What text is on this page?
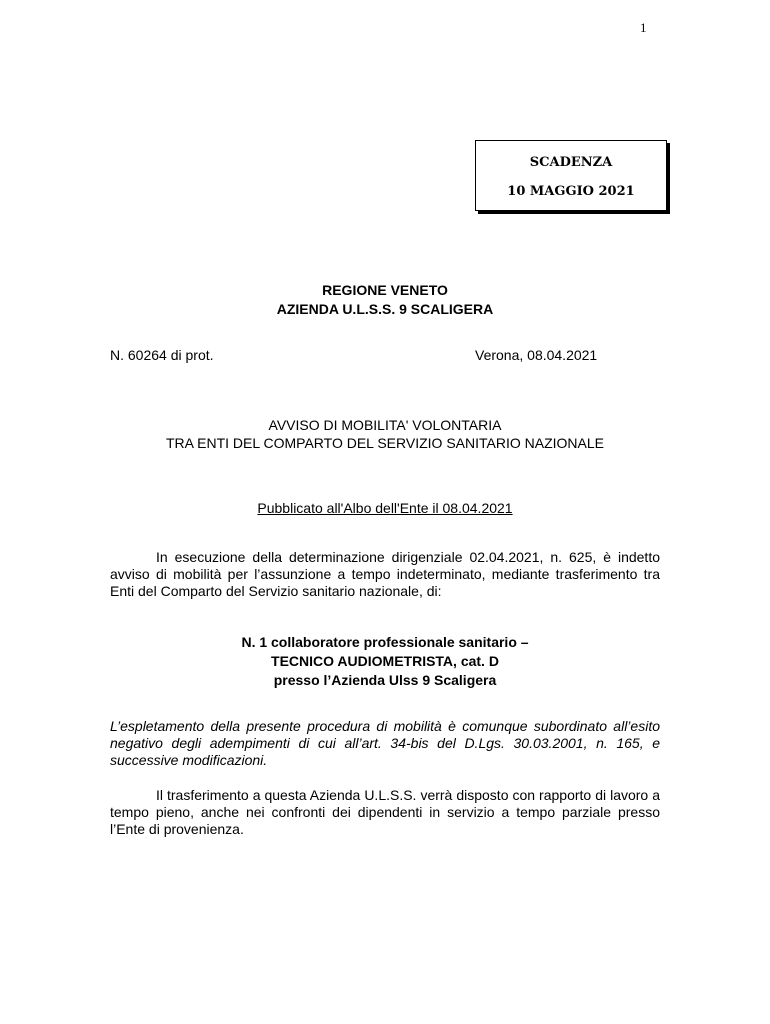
1
SCADENZA
10 MAGGIO 2021
REGIONE VENETO
AZIENDA U.L.S.S. 9 SCALIGERA
N. 60264 di prot.	Verona, 08.04.2021
AVVISO DI MOBILITA' VOLONTARIA
TRA ENTI DEL COMPARTO DEL SERVIZIO SANITARIO NAZIONALE
Pubblicato all'Albo dell'Ente il 08.04.2021

In esecuzione della determinazione dirigenziale 02.04.2021, n. 625, è indetto avviso di mobilità per l’assunzione a tempo indeterminato, mediante trasferimento tra Enti del Comparto del Servizio sanitario nazionale, di:

N. 1 collaboratore professionale sanitario –
TECNICO AUDIOMETRISTA, cat. D
presso l’Azienda Ulss 9 Scaligera

L’espletamento della presente procedura di mobilità è comunque subordinato all’esito negativo degli adempimenti di cui all’art. 34-bis del D.Lgs. 30.03.2001, n. 165, e successive modificazioni.

Il trasferimento a questa Azienda U.L.S.S. verrà disposto con rapporto di lavoro a tempo pieno, anche nei confronti dei dipendenti in servizio a tempo parziale presso l’Ente di provenienza.
